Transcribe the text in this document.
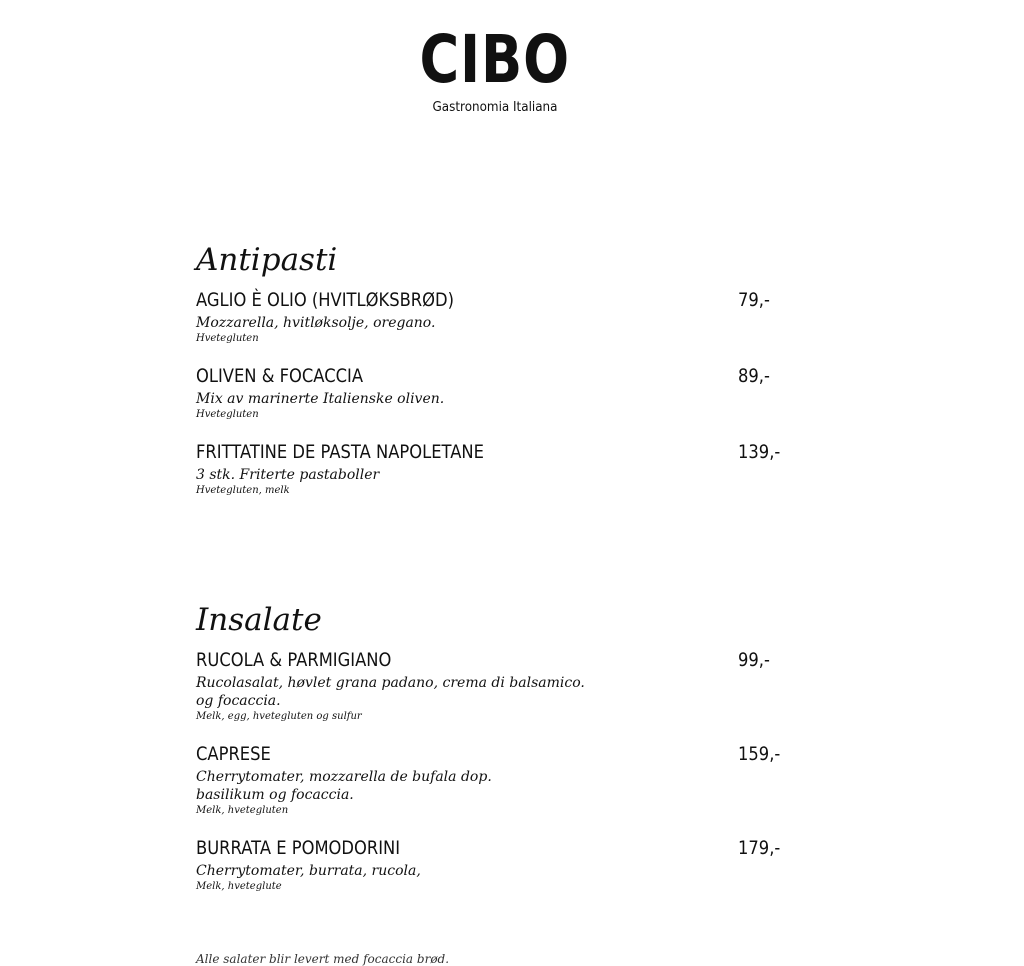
CIBO
Gastronomia Italiana
Antipasti
AGLIO È OLIO (HVITLØKSBRØD)	79,-
Mozzarella, hvitløksolje, oregano.
Hvetegluten
OLIVEN & FOCACCIA	89,-
Mix av marinerte Italienske oliven.
Hvetegluten
FRITTATINE DE PASTA NAPOLETANE	139,-
3 stk. Friterte pastaboller
Hvetegluten, melk
Insalate
RUCOLA & PARMIGIANO	99,-
Rucolasalat, høvlet grana padano, crema di balsamico.
og focaccia.
Melk, egg, hvetegluten og sulfur
CAPRESE	159,-
Cherrytomater, mozzarella de bufala dop.
basilikum og focaccia.
Melk, hvetegluten
BURRATA E POMODORINI	179,-
Cherrytomater, burrata, rucola,
Melk, hveteglute
Alle salater blir levert med focaccia brød.
